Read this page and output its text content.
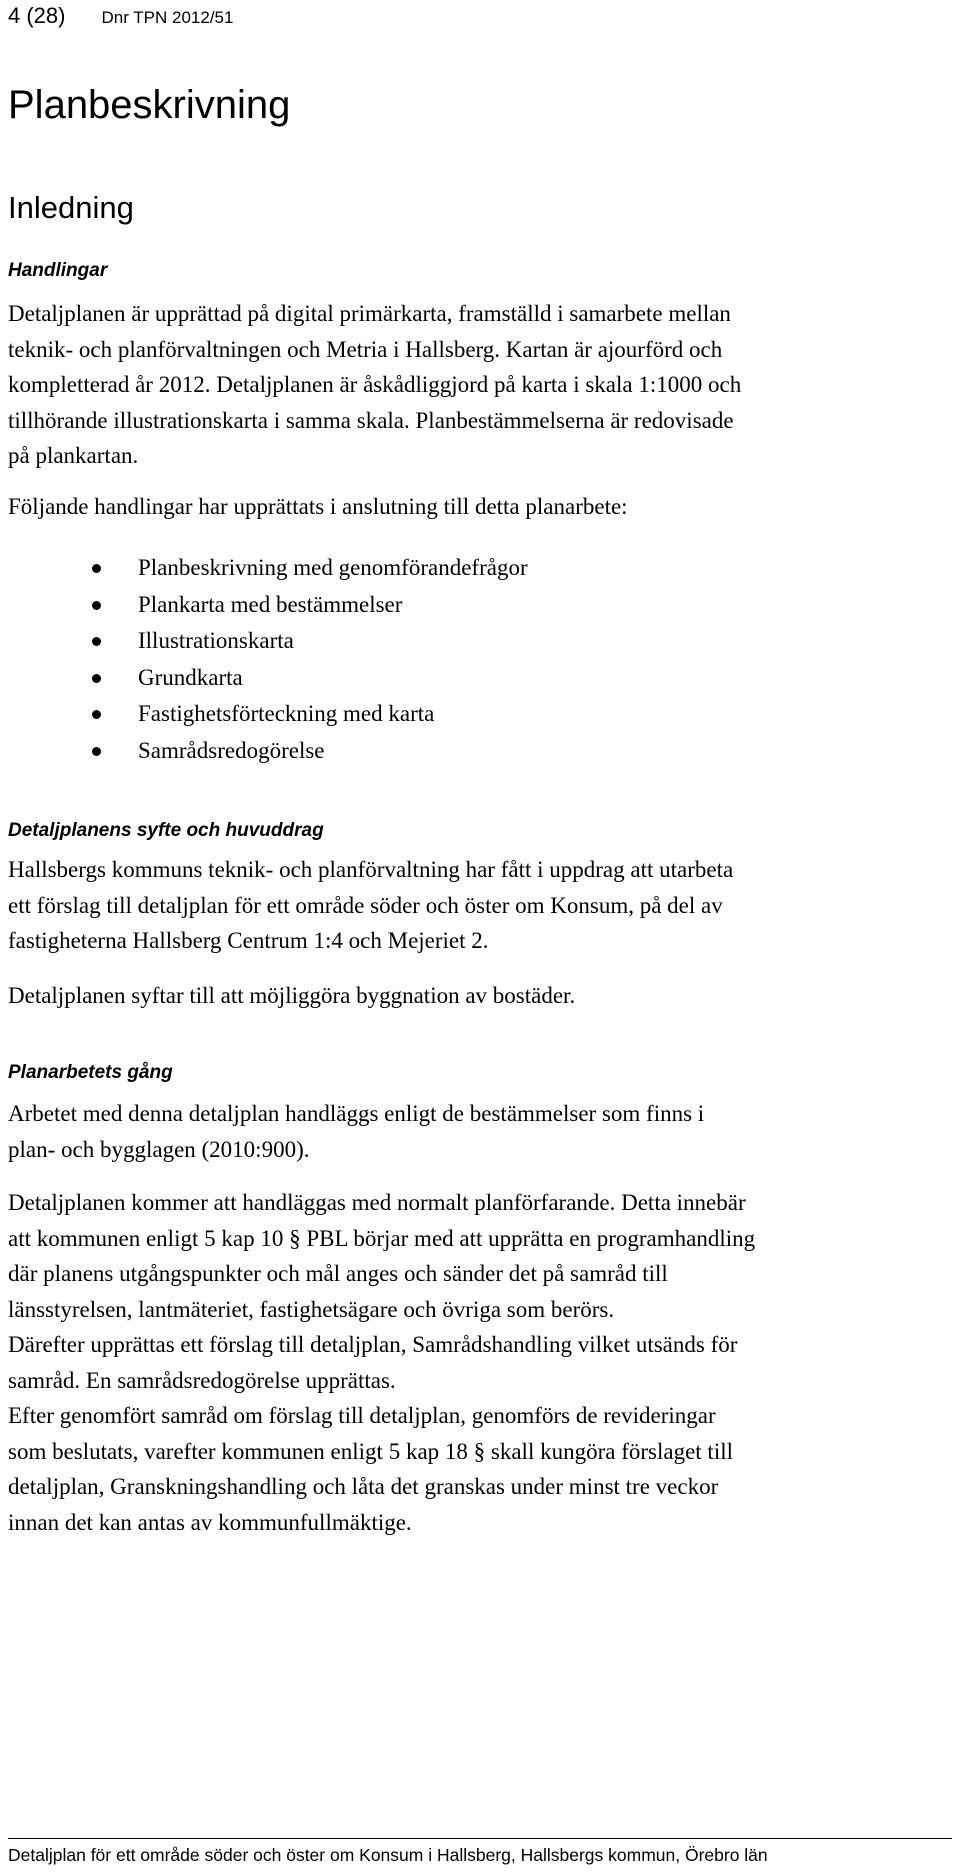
4 (28) Dnr TPN 2012/51
Planbeskrivning
Inledning
Handlingar

Detaljplanen är upprättad på digital primärkarta, framställd i samarbete mellan
teknik- och planförvaltningen och Metria i Hallsberg. Kartan är ajourförd och
kompletterad år 2012. Detaljplanen är åskådliggjord på karta i skala 1:1000 och
tillhörande illustrationskarta i samma skala. Planbestämmelserna är redovisade
på plankartan.

Följande handlingar har upprättats i anslutning till detta planarbete:

Planbeskrivning med genomförandefrågor
Plankarta med bestämmelser
Illustrationskarta
Grundkarta
Fastighetsförteckning med karta
Samrådsredogörelse
Detaljplanens syfte och huvuddrag

Hallsbergs kommuns teknik- och planförvaltning har fått i uppdrag att utarbeta
ett förslag till detaljplan för ett område söder och öster om Konsum, på del av
fastigheterna Hallsberg Centrum 1:4 och Mejeriet 2.

Detaljplanen syftar till att möjliggöra byggnation av bostäder.

Planarbetets gång

Arbetet med denna detaljplan handläggs enligt de bestämmelser som finns i
plan- och bygglagen (2010:900).

Detaljplanen kommer att handläggas med normalt planförfarande. Detta innebär
att kommunen enligt 5 kap 10 § PBL börjar med att upprätta en programhandling
där planens utgångspunkter och mål anges och sänder det på samråd till
länsstyrelsen, lantmäteriet, fastighetsägare och övriga som berörs.
Därefter upprättas ett förslag till detaljplan, Samrådshandling vilket utsänds för
samråd. En samrådsredogörelse upprättas.
Efter genomfört samråd om förslag till detaljplan, genomförs de revideringar
som beslutats, varefter kommunen enligt 5 kap 18 § skall kungöra förslaget till
detaljplan, Granskningshandling och låta det granskas under minst tre veckor
innan det kan antas av kommunfullmäktige.

Detaljplan för ett område söder och öster om Konsum i Hallsberg, Hallsbergs kommun, Örebro län
